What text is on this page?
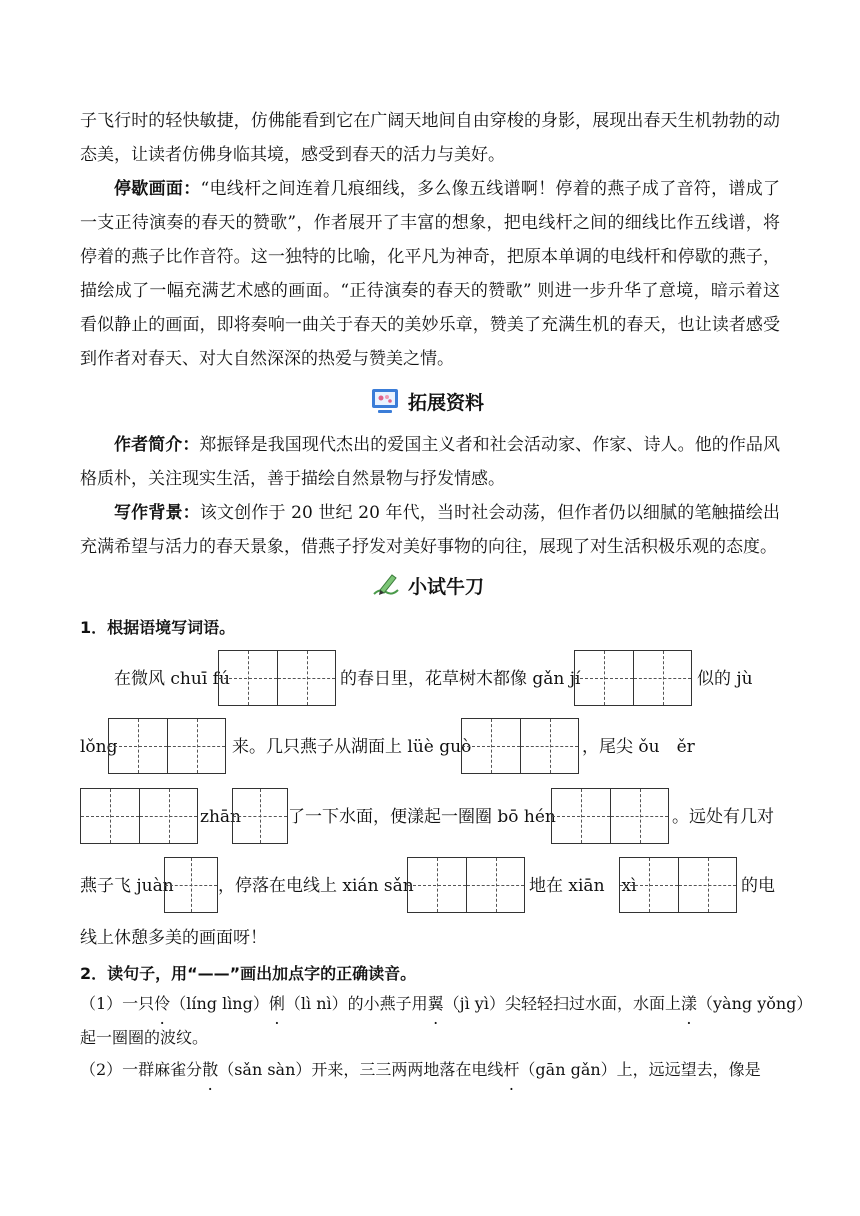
子飞行时的轻快敏捷，仿佛能看到它在广阔天地间自由穿梭的身影，展现出春天生机勃勃的动态美，让读者仿佛身临其境，感受到春天的活力与美好。
停歇画面：“电线杆之间连着几痕细线，多么像五线谱啊！停着的燕子成了音符，谱成了一支正待演奏的春天的赞歌”，作者展开了丰富的想象，把电线杆之间的细线比作五线谱，将停着的燕子比作音符。这一独特的比喻，化平凡为神奇，把原本单调的电线杆和停歇的燕子，描绘成了一幅充满艺术感的画面。“正待演奏的春天的赞歌” 则进一步升华了意境，暗示着这看似静止的画面，即将奏响一曲关于春天的美妙乐章，赞美了充满生机的春天，也让读者感受到作者对春天、对大自然深深的热爱与赞美之情。
拓展资料
作者简介：郑振铎是我国现代杰出的爱国主义者和社会活动家、作家、诗人。他的作品风格质朴，关注现实生活，善于描绘自然景物与抒发情感。
写作背景：该文创作于 20 世纪 20 年代，当时社会动荡，但作者仍以细腻的笔触描绘出充满希望与活力的春天景象，借燕子抒发对美好事物的向往，展现了对生活积极乐观的态度。
小试牛刀
1．根据语境写词语。
在微风 chuī fú	的春日里，花草树木都像 gǎn jí	似的 jù
lǒng	来。几只燕子从湖面上 lüè guò	，尾尖 ǒu　ěr
zhān	了一下水面，便漾起一圈圈 bō hén	。远处有几对
燕子飞 juàn	，停落在电线上 xián sǎn	地在 xiān　xì	的电
线上休憩多美的画面呀！
2．读句子，用“——”画出加点字的正确读音。
（1）一只伶（líng lìng）俐（lì nì）的小燕子用翼（jì yì）尖轻轻扫过水面，水面上漾（yàng yǒng）
起一圈圈的波纹。
（2）一群麻雀分散（sǎn sàn）开来，三三两两地落在电线杆（gān gǎn）上，远远望去，像是
